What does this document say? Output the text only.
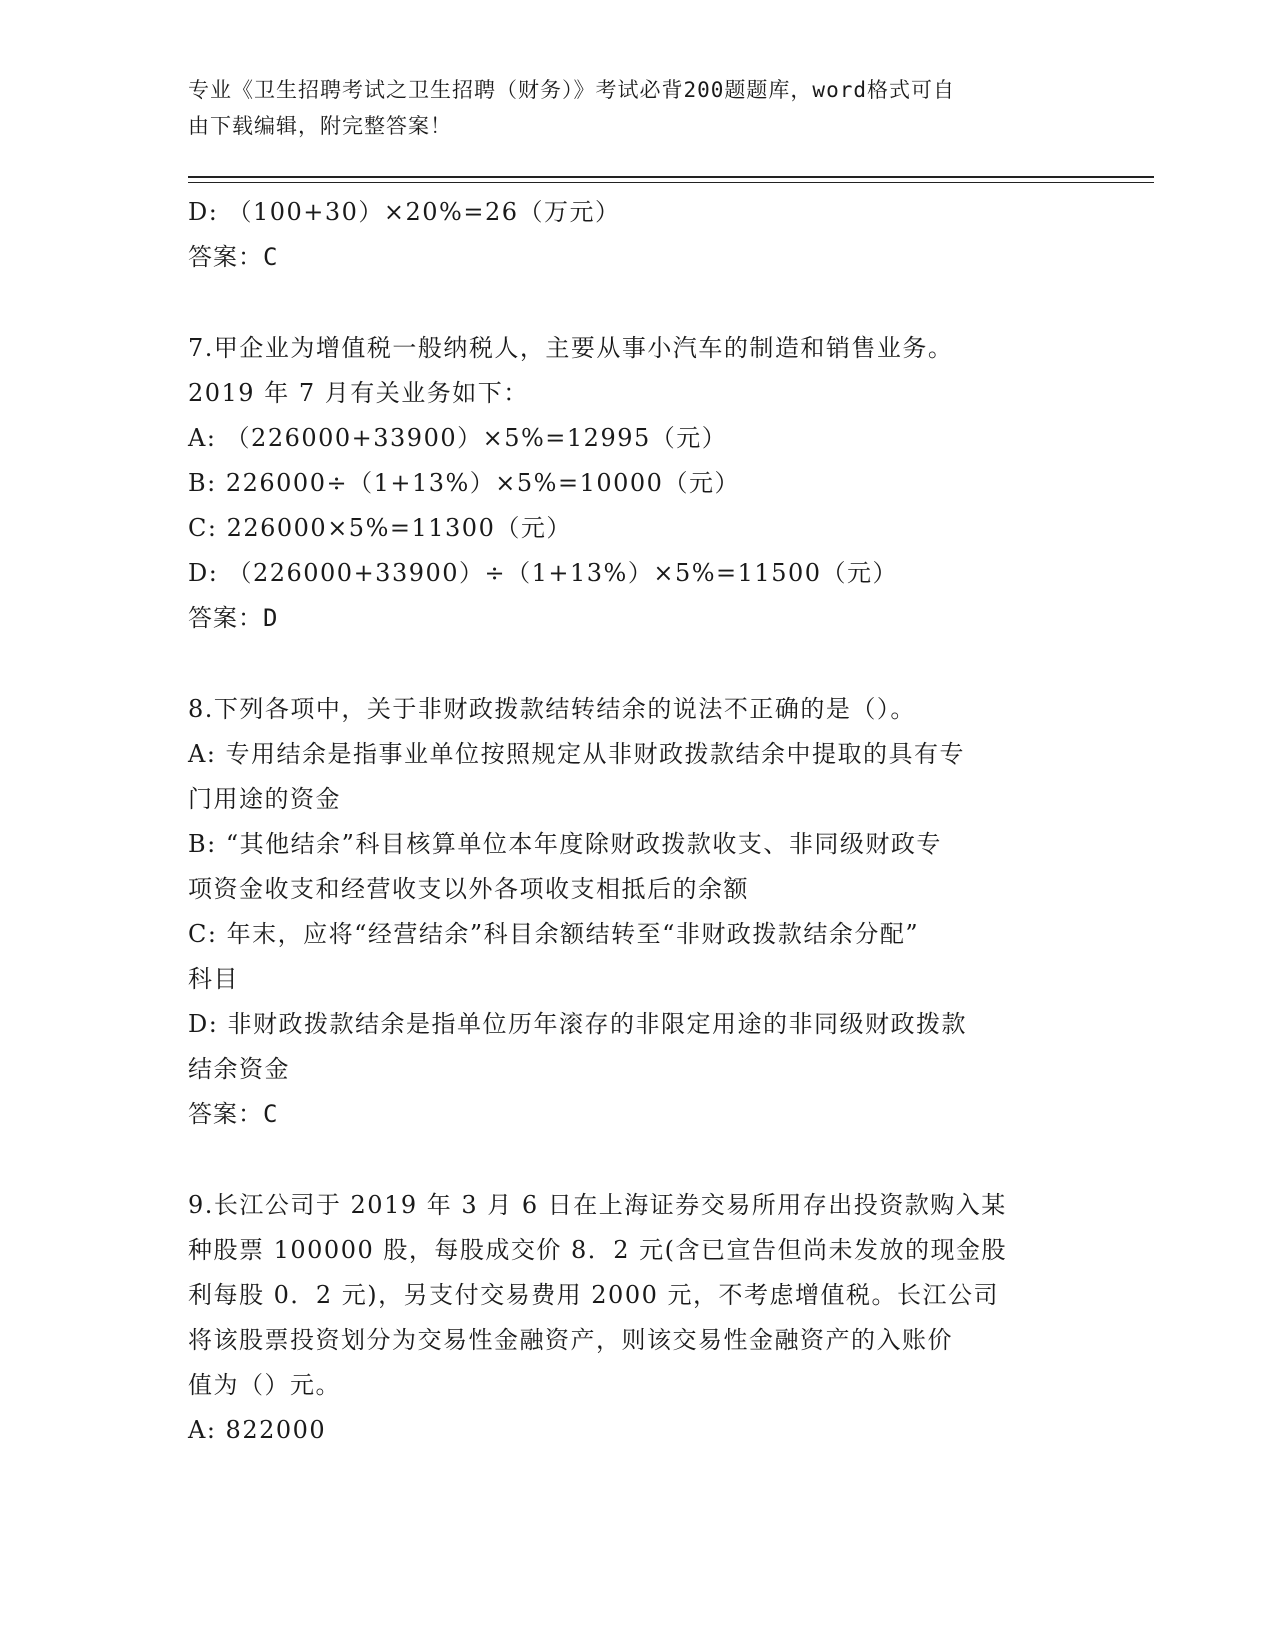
专业《卫生招聘考试之卫生招聘（财务）》考试必背200题题库，word格式可自
由下载编辑，附完整答案！
D: （100+30）×20%=26（万元）
答案：C
7.甲企业为增值税一般纳税人，主要从事小汽车的制造和销售业务。
2019 年 7 月有关业务如下：
A: （226000+33900）×5%=12995（元）
B: 226000÷（1+13%）×5%=10000（元）
C: 226000×5%=11300（元）
D: （226000+33900）÷（1+13%）×5%=11500（元）
答案：D
8.下列各项中，关于非财政拨款结转结余的说法不正确的是（）。
A: 专用结余是指事业单位按照规定从非财政拨款结余中提取的具有专
门用途的资金
B: “其他结余”科目核算单位本年度除财政拨款收支、非同级财政专
项资金收支和经营收支以外各项收支相抵后的余额
C: 年末，应将“经营结余”科目余额结转至“非财政拨款结余分配”
科目
D: 非财政拨款结余是指单位历年滚存的非限定用途的非同级财政拨款
结余资金
答案：C
9.长江公司于 2019 年 3 月 6 日在上海证券交易所用存出投资款购入某
种股票 100000 股，每股成交价 8．2 元(含已宣告但尚未发放的现金股
利每股 0．2 元)，另支付交易费用 2000 元，不考虑增值税。长江公司
将该股票投资划分为交易性金融资产，则该交易性金融资产的入账价
值为（）元。
A: 822000
